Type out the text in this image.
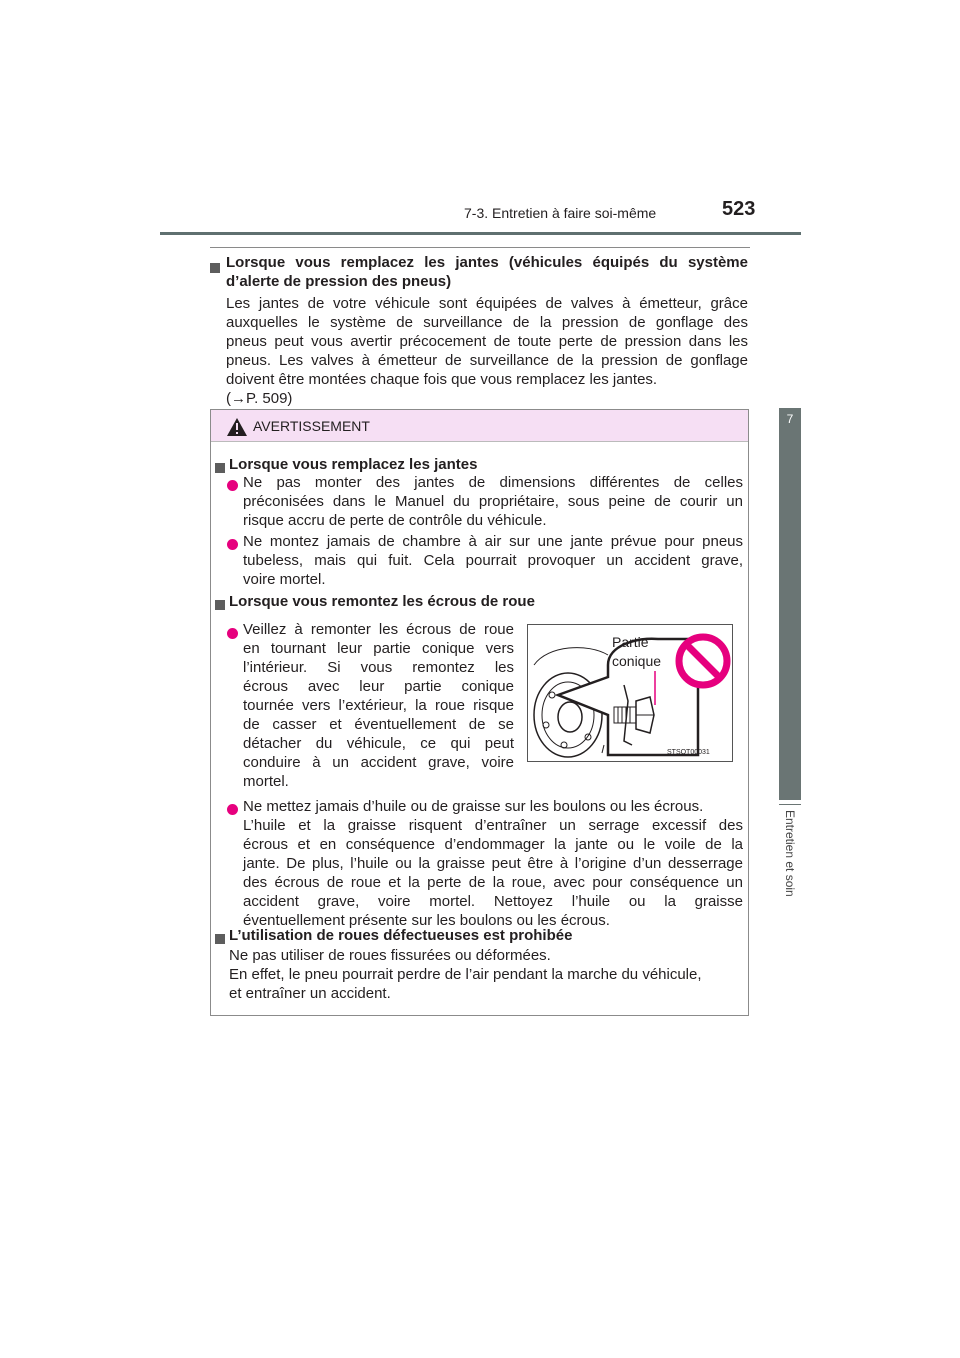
7-3. Entretien à faire soi-même	523
7
Entretien et soin
Lorsque vous remplacez les jantes (véhicules équipés du système
d’alerte de pression des pneus)
Les jantes de votre véhicule sont équipées de valves à émetteur, grâce
auxquelles le système de surveillance de la pression de gonflage des
pneus peut vous avertir précocement de toute perte de pression dans les
pneus. Les valves à émetteur de surveillance de la pression de gonflage
doivent être montées chaque fois que vous remplacez les jantes.
(→P. 509)
AVERTISSEMENT
Lorsque vous remplacez les jantes
Ne pas monter des jantes de dimensions différentes de celles
préconisées dans le Manuel du propriétaire, sous peine de courir un
risque accru de perte de contrôle du véhicule.
Ne montez jamais de chambre à air sur une jante prévue pour pneus
tubeless, mais qui fuit. Cela pourrait provoquer un accident grave,
voire mortel.
Lorsque vous remontez les écrous de roue
Veillez à remonter les écrous de roue
en tournant leur partie conique vers
l’intérieur. Si vous remontez les
écrous avec leur partie conique
tournée vers l’extérieur, la roue risque
de casser et éventuellement de se
détacher du véhicule, ce qui peut
conduire à un accident grave, voire
mortel.
Partie
conique
STSOT00031
Ne mettez jamais d’huile ou de graisse sur les boulons ou les écrous.
L’huile et la graisse risquent d’entraîner un serrage excessif des
écrous et en conséquence d’endommager la jante ou le voile de la
jante. De plus, l’huile ou la graisse peut être à l’origine d’un desserrage
des écrous de roue et la perte de la roue, avec pour conséquence un
accident grave, voire mortel. Nettoyez l’huile ou la graisse
éventuellement présente sur les boulons ou les écrous.
L’utilisation de roues défectueuses est prohibée
Ne pas utiliser de roues fissurées ou déformées.
En effet, le pneu pourrait perdre de l’air pendant la marche du véhicule,
et entraîner un accident.
